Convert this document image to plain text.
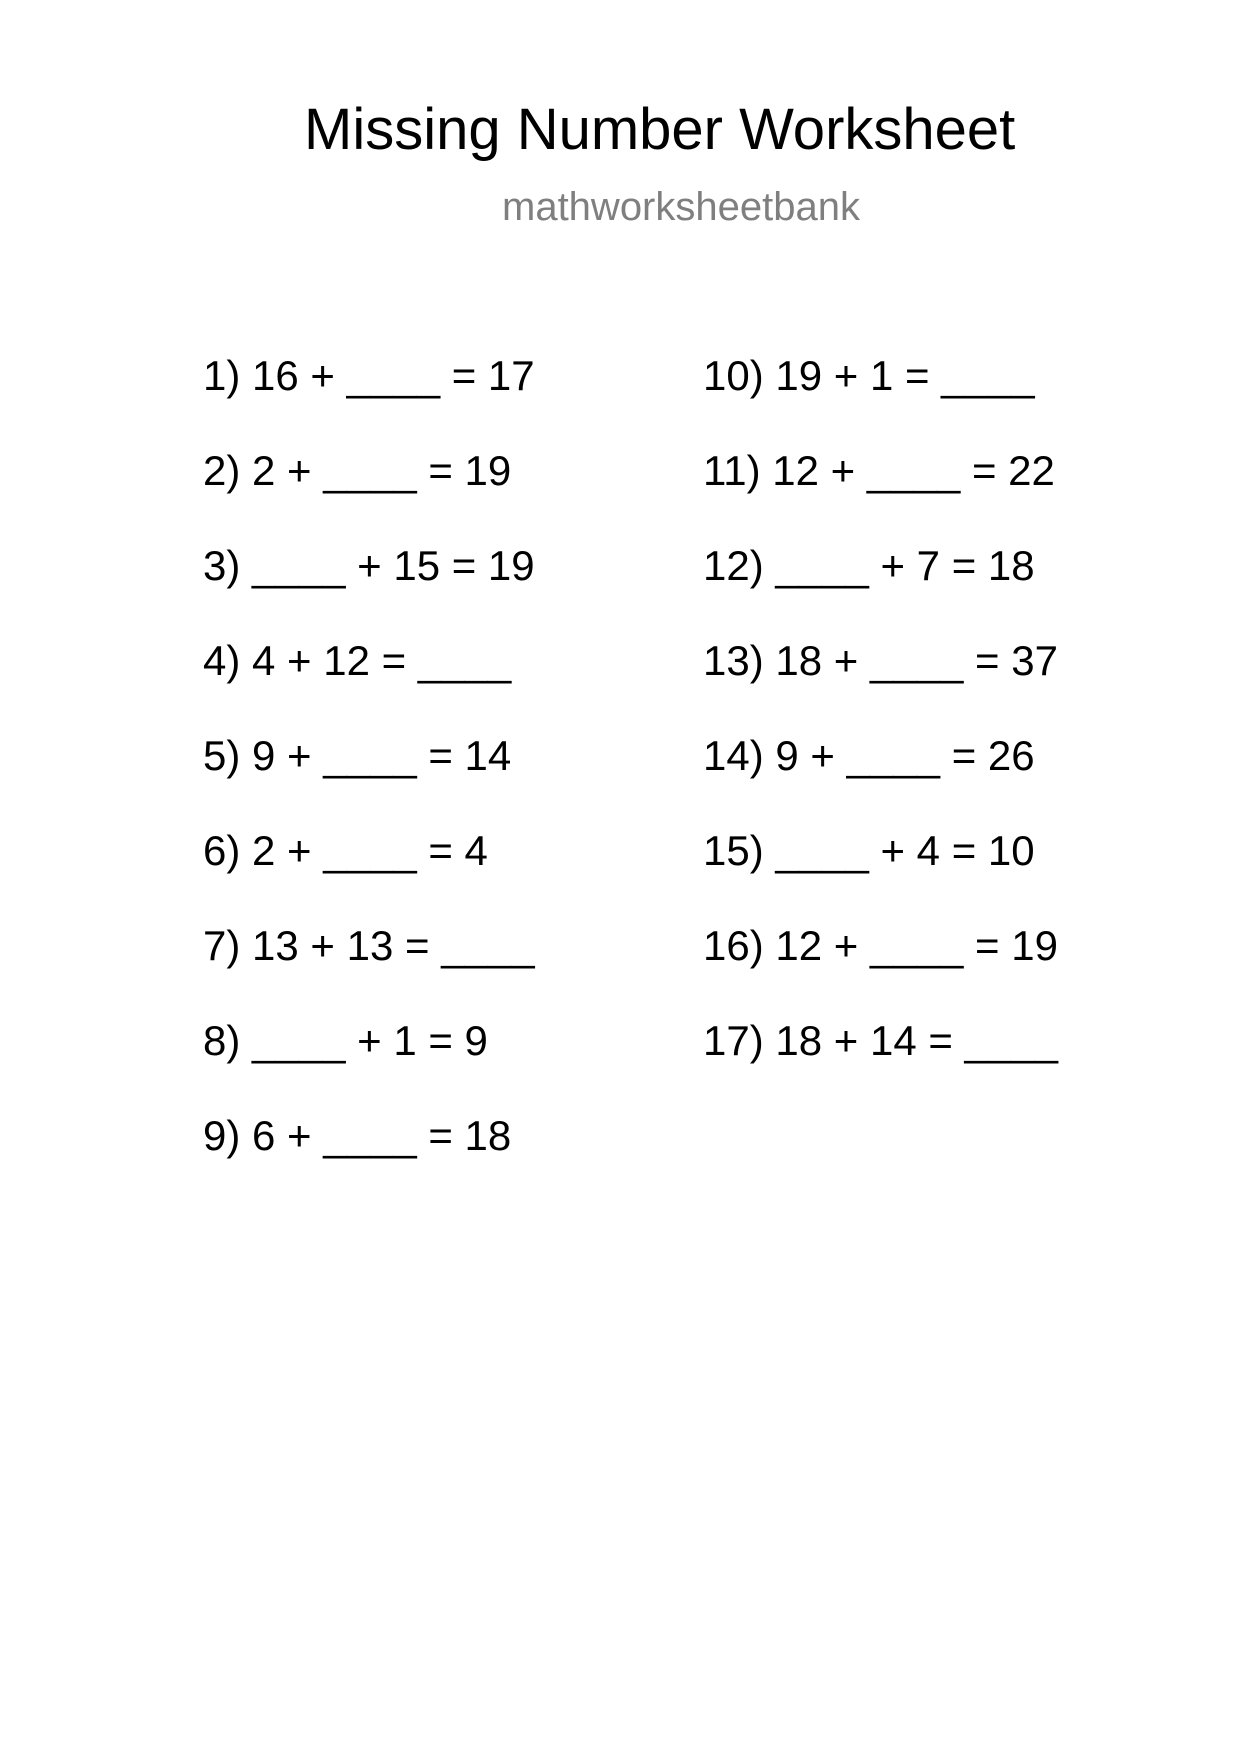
Missing Number Worksheet
mathworksheetbank
1) 16 + ____ = 17
2) 2 + ____ = 19
3) ____ + 15 = 19
4) 4 + 12 = ____
5) 9 + ____ = 14
6) 2 + ____ = 4
7) 13 + 13 = ____
8) ____ + 1 = 9
9) 6 + ____ = 18
10) 19 + 1 = ____
11) 12 + ____ = 22
12) ____ + 7 = 18
13) 18 + ____ = 37
14) 9 + ____ = 26
15) ____ + 4 = 10
16) 12 + ____ = 19
17) 18 + 14 = ____
